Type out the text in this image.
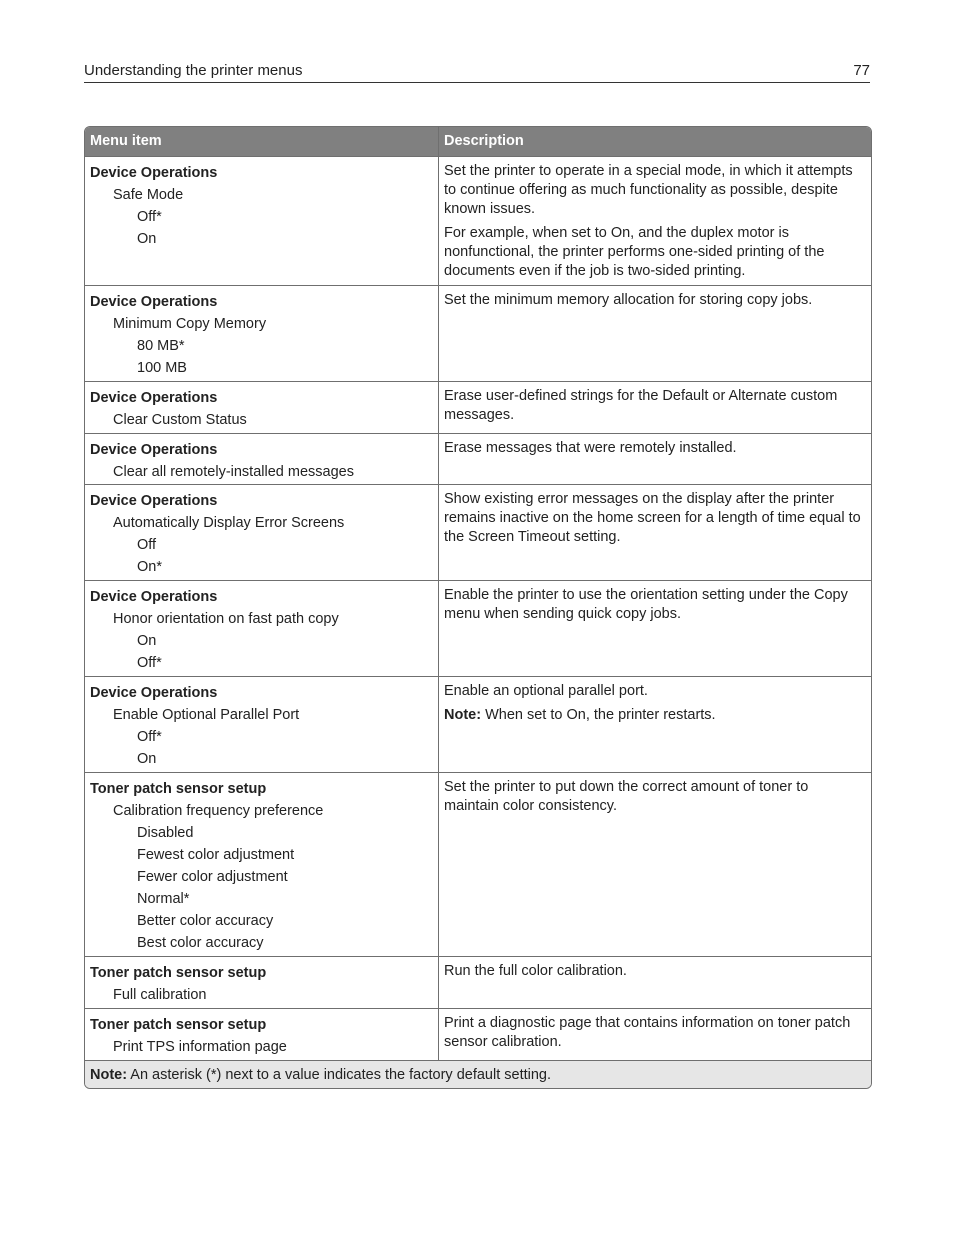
Understanding the printer menus	77
Menu item	Description
Device Operations
Safe Mode
Off*
On
Set the printer to operate in a special mode, in which it attempts to continue offering as much functionality as possible, despite known issues.
For example, when set to On, and the duplex motor is nonfunctional, the printer performs one-sided printing of the documents even if the job is two-sided printing.
Device Operations
Minimum Copy Memory
80 MB*
100 MB
Set the minimum memory allocation for storing copy jobs.
Device Operations
Clear Custom Status
Erase user-defined strings for the Default or Alternate custom messages.
Device Operations
Clear all remotely-installed messages
Erase messages that were remotely installed.
Device Operations
Automatically Display Error Screens
Off
On*
Show existing error messages on the display after the printer remains inactive on the home screen for a length of time equal to the Screen Timeout setting.
Device Operations
Honor orientation on fast path copy
On
Off*
Enable the printer to use the orientation setting under the Copy menu when sending quick copy jobs.
Device Operations
Enable Optional Parallel Port
Off*
On
Enable an optional parallel port.
Note: When set to On, the printer restarts.
Toner patch sensor setup
Calibration frequency preference
Disabled
Fewest color adjustment
Fewer color adjustment
Normal*
Better color accuracy
Best color accuracy
Set the printer to put down the correct amount of toner to maintain color consistency.
Toner patch sensor setup
Full calibration
Run the full color calibration.
Toner patch sensor setup
Print TPS information page
Print a diagnostic page that contains information on toner patch sensor calibration.
Note: An asterisk (*) next to a value indicates the factory default setting.
